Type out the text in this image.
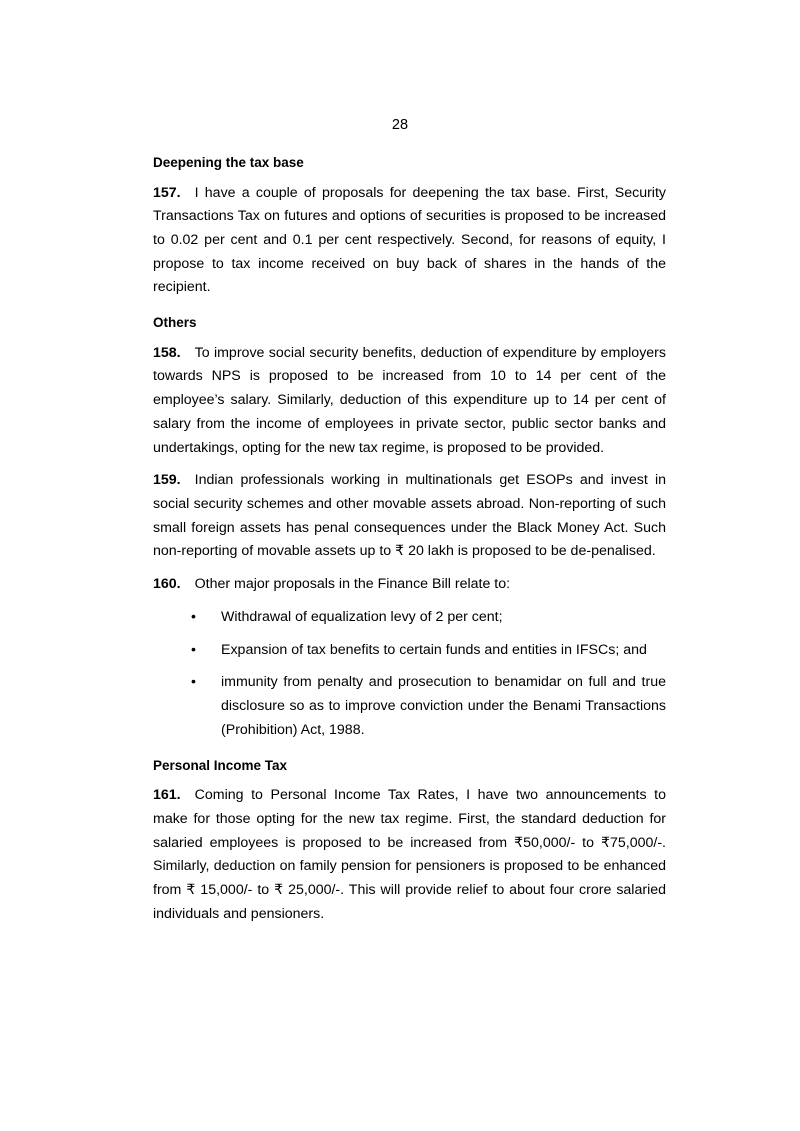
28

Deepening the tax base

157. I have a couple of proposals for deepening the tax base. First, Security Transactions Tax on futures and options of securities is proposed to be increased to 0.02 per cent and 0.1 per cent respectively. Second, for reasons of equity, I propose to tax income received on buy back of shares in the hands of the recipient.

Others

158. To improve social security benefits, deduction of expenditure by employers towards NPS is proposed to be increased from 10 to 14 per cent of the employee’s salary. Similarly, deduction of this expenditure up to 14 per cent of salary from the income of employees in private sector, public sector banks and undertakings, opting for the new tax regime, is proposed to be provided.

159. Indian professionals working in multinationals get ESOPs and invest in social security schemes and other movable assets abroad. Non-reporting of such small foreign assets has penal consequences under the Black Money Act. Such non-reporting of movable assets up to ₹ 20 lakh is proposed to be de-penalised.

160. Other major proposals in the Finance Bill relate to:

• Withdrawal of equalization levy of 2 per cent;
• Expansion of tax benefits to certain funds and entities in IFSCs; and
• immunity from penalty and prosecution to benamidar on full and true disclosure so as to improve conviction under the Benami Transactions (Prohibition) Act, 1988.

Personal Income Tax

161. Coming to Personal Income Tax Rates, I have two announcements to make for those opting for the new tax regime. First, the standard deduction for salaried employees is proposed to be increased from ₹50,000/- to ₹75,000/-. Similarly, deduction on family pension for pensioners is proposed to be enhanced from ₹ 15,000/- to ₹ 25,000/-. This will provide relief to about four crore salaried individuals and pensioners.
